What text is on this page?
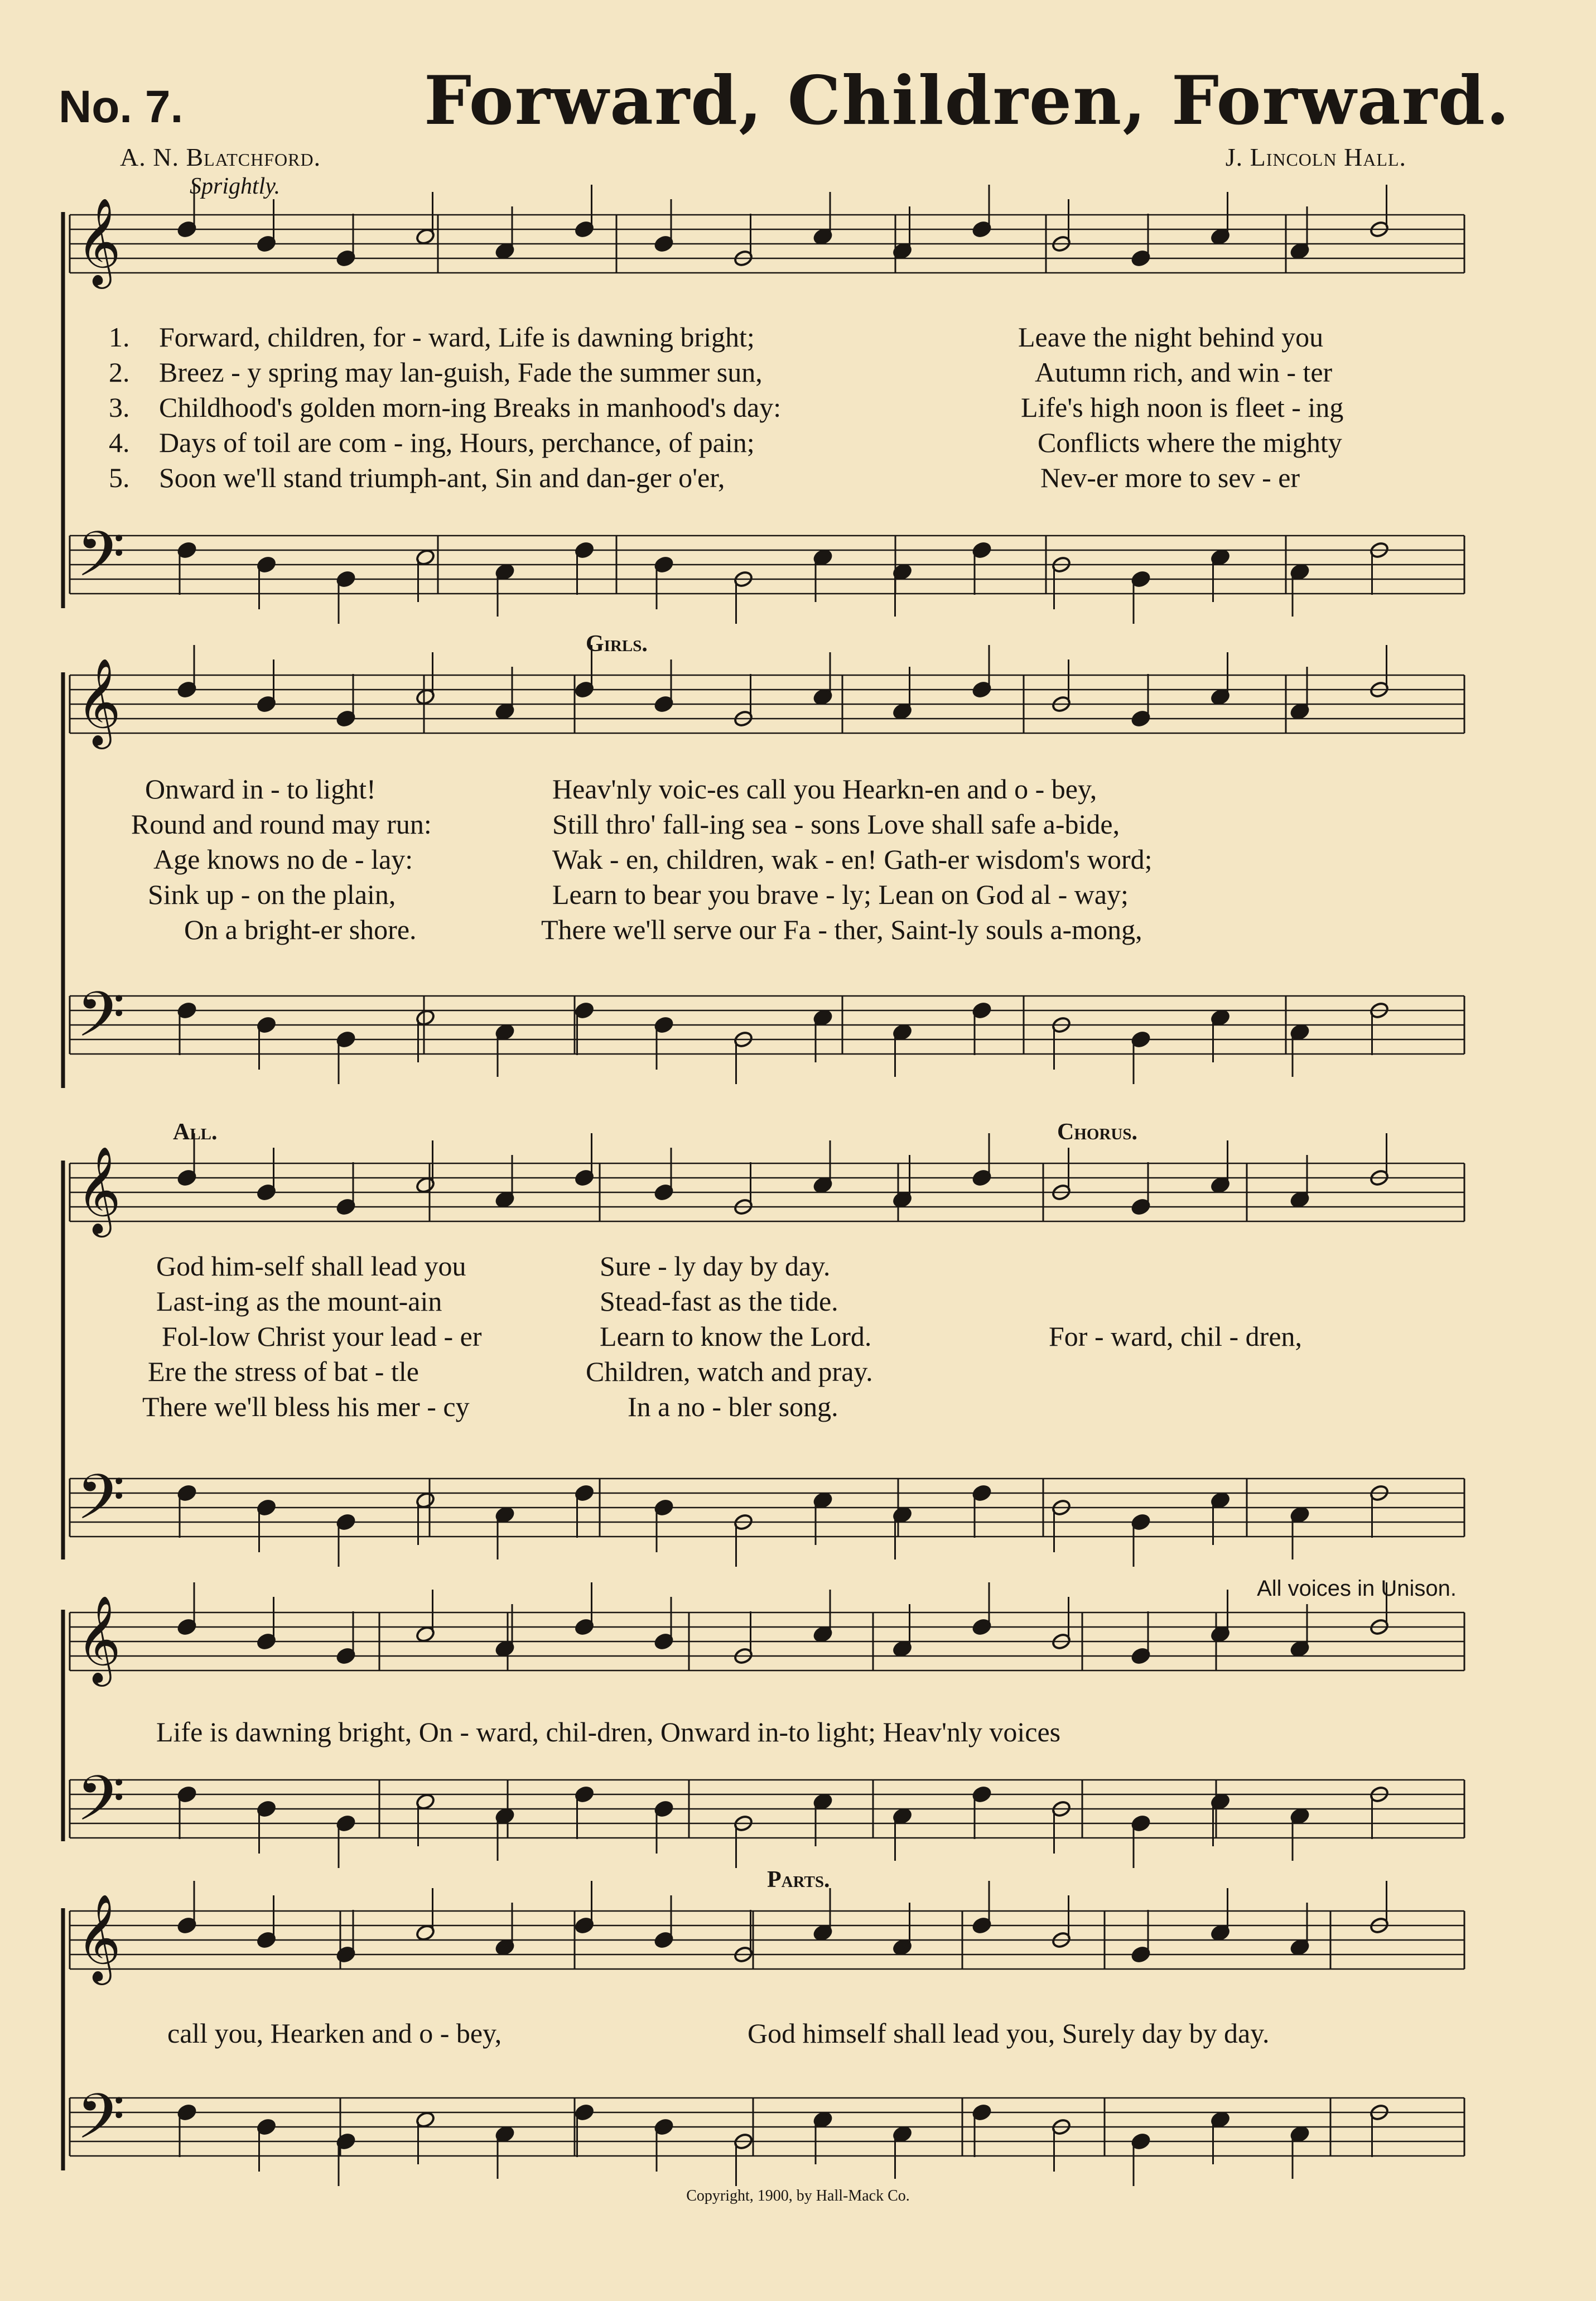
No. 7.	Forward, Children, Forward.
A. N. Blatchford.	J. Lincoln Hall.
Sprightly.
𝄞
𝄢
𝄞
𝄢
𝄞
𝄢
𝄞
𝄢
𝄞
𝄢
1. Forward, children, for - ward, Life is dawning bright;
2. Breez - y spring may lan-guish, Fade the summer sun,
3. Childhood's golden morn-ing Breaks in manhood's day:
4. Days of toil are com - ing, Hours, perchance, of pain;
5. Soon we'll stand triumph-ant, Sin and dan-ger o'er,
Leave the night behind you
Autumn rich, and win - ter
Life's high noon is fleet - ing
Conflicts where the mighty
Nev-er more to sev - er
Girls.
Onward in - to light!
Round and round may run:
Age knows no de - lay:
Sink up - on the plain,
On a bright-er shore.
Heav'nly voic-es call you Hearkn-en and o - bey,
Still thro' fall-ing sea - sons Love shall safe a-bide,
Wak - en, children, wak - en! Gath-er wisdom's word;
Learn to bear you brave - ly; Lean on God al - way;
There we'll serve our Fa - ther, Saint-ly souls a-mong,
All.	Chorus.
God him-self shall lead you
Last-ing as the mount-ain
Fol-low Christ your lead - er
Ere the stress of bat - tle
There we'll bless his mer - cy
Sure - ly day by day.
Stead-fast as the tide.
Learn to know the Lord.
Children, watch and pray.
In a no - bler song.
For - ward, chil - dren,
All voices in Unison.
Life is dawning bright, On - ward, chil-dren, Onward in-to light; Heav'nly voices
Parts.
call you, Hearken and o - bey,	God himself shall lead you, Surely day by day.
Copyright, 1900, by Hall-Mack Co.
